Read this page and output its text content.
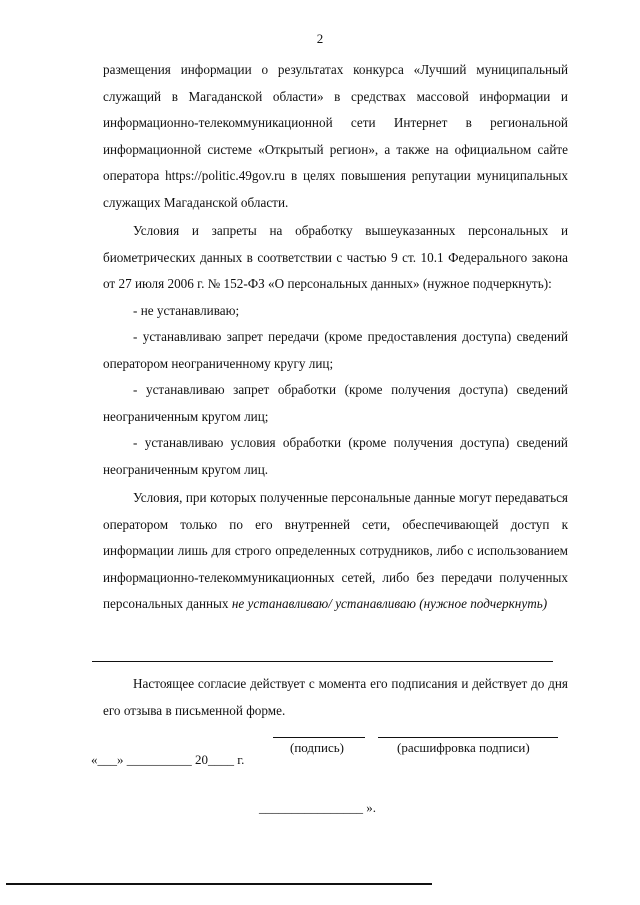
2

размещения информации о результатах конкурса «Лучший муниципальный служащий в Магаданской области» в средствах массовой информации и информационно-телекоммуникационной сети Интернет в региональной информационной системе «Открытый регион», а также на официальном сайте оператора https://politic.49gov.ru в целях повышения репутации муниципальных служащих Магаданской области.

Условия и запреты на обработку вышеуказанных персональных и биометрических данных в соответствии с частью 9 ст. 10.1 Федерального закона от 27 июля 2006 г. № 152-ФЗ «О персональных данных» (нужное подчеркнуть):

- не устанавливаю;

- устанавливаю запрет передачи (кроме предоставления доступа) сведений оператором неограниченному кругу лиц;

- устанавливаю запрет обработки (кроме получения доступа) сведений неограниченным кругом лиц;

- устанавливаю условия обработки (кроме получения доступа) сведений неограниченным кругом лиц.

Условия, при которых полученные персональные данные могут передаваться оператором только по его внутренней сети, обеспечивающей доступ к информации лишь для строго определенных сотрудников, либо с использованием информационно-телекоммуникационных сетей, либо без передачи полученных персональных данных не устанавливаю/ устанавливаю (нужное подчеркнуть)

Настоящее согласие действует с момента его подписания и действует до дня его отзыва в письменной форме.

(подпись)	(расшифровка подписи)
«___» __________ 20____ г.
________________ ».
